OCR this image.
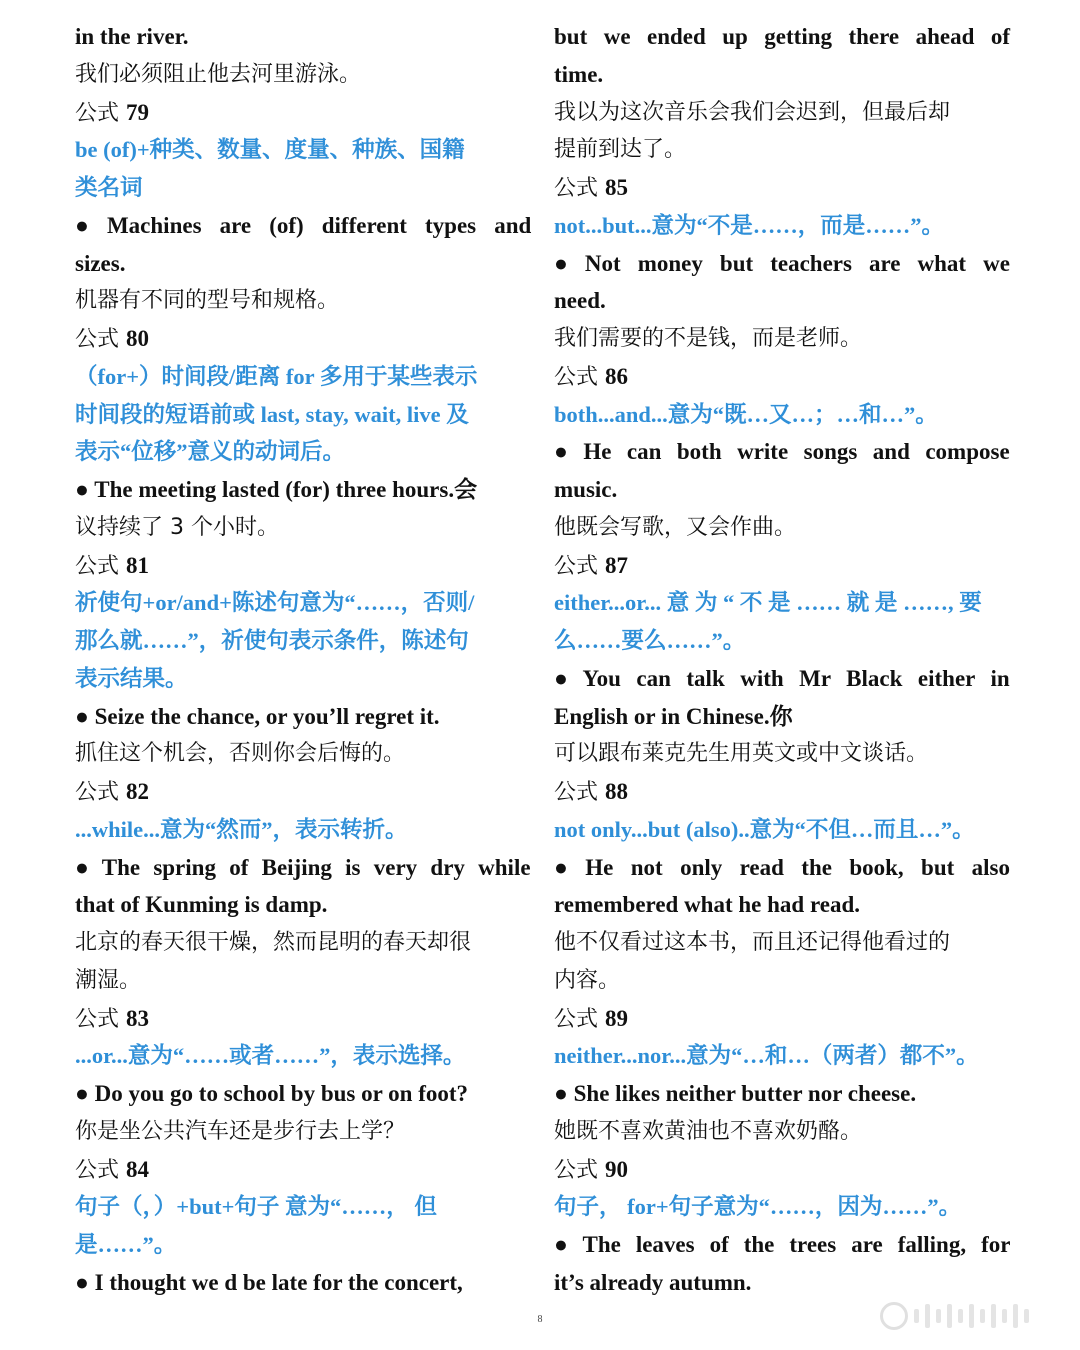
in the river.
我们必须阻止他去河里游泳。
公式 79
be (of)+种类、数量、度量、种族、国籍
类名词
● Machines are (of) different types and
sizes.
机器有不同的型号和规格。
公式 80
（for+）时间段/距离 for 多用于某些表示
时间段的短语前或 last, stay, wait, live 及
表示“位移”意义的动词后。
● The meeting lasted (for) three hours.会
议持续了 3 个小时。
公式 81
祈使句+or/and+陈述句意为“……，否则/
那么就……”，祈使句表示条件，陈述句
表示结果。
● Seize the chance, or you’ll regret it.
抓住这个机会，否则你会后悔的。
公式 82
...while...意为“然而”，表示转折。
● The spring of Beijing is very dry while
that of Kunming is damp.
北京的春天很干燥，然而昆明的春天却很
潮湿。
公式 83
...or...意为“……或者……”，表示选择。
● Do you go to school by bus or on foot?
你是坐公共汽车还是步行去上学？
公式 84
句子（，）+but+句子 意为“……， 但
是……”。
● I thought we d be late for the concert,
but we ended up getting there ahead of
time.
我以为这次音乐会我们会迟到，但最后却
提前到达了。
公式 85
not...but...意为“不是……，而是……”。
● Not money but teachers are what we
need.
我们需要的不是钱，而是老师。
公式 86
both...and...意为“既…又…；…和…”。
● He can both write songs and compose
music.
他既会写歌，又会作曲。
公式 87
either...or... 意 为 “ 不 是 …… 就 是 ……, 要
么……要么……”。
● You can talk with Mr Black either in
English or in Chinese.你
可以跟布莱克先生用英文或中文谈话。
公式 88
not only...but (also)..意为“不但…而且…”。
● He not only read the book, but also
remembered what he had read.
他不仅看过这本书，而且还记得他看过的
内容。
公式 89
neither...nor...意为“…和…（两者）都不”。
● She likes neither butter nor cheese.
她既不喜欢黄油也不喜欢奶酪。
公式 90
句子， for+句子意为“……，因为……”。
● The leaves of the trees are falling, for
it’s already autumn.
8
